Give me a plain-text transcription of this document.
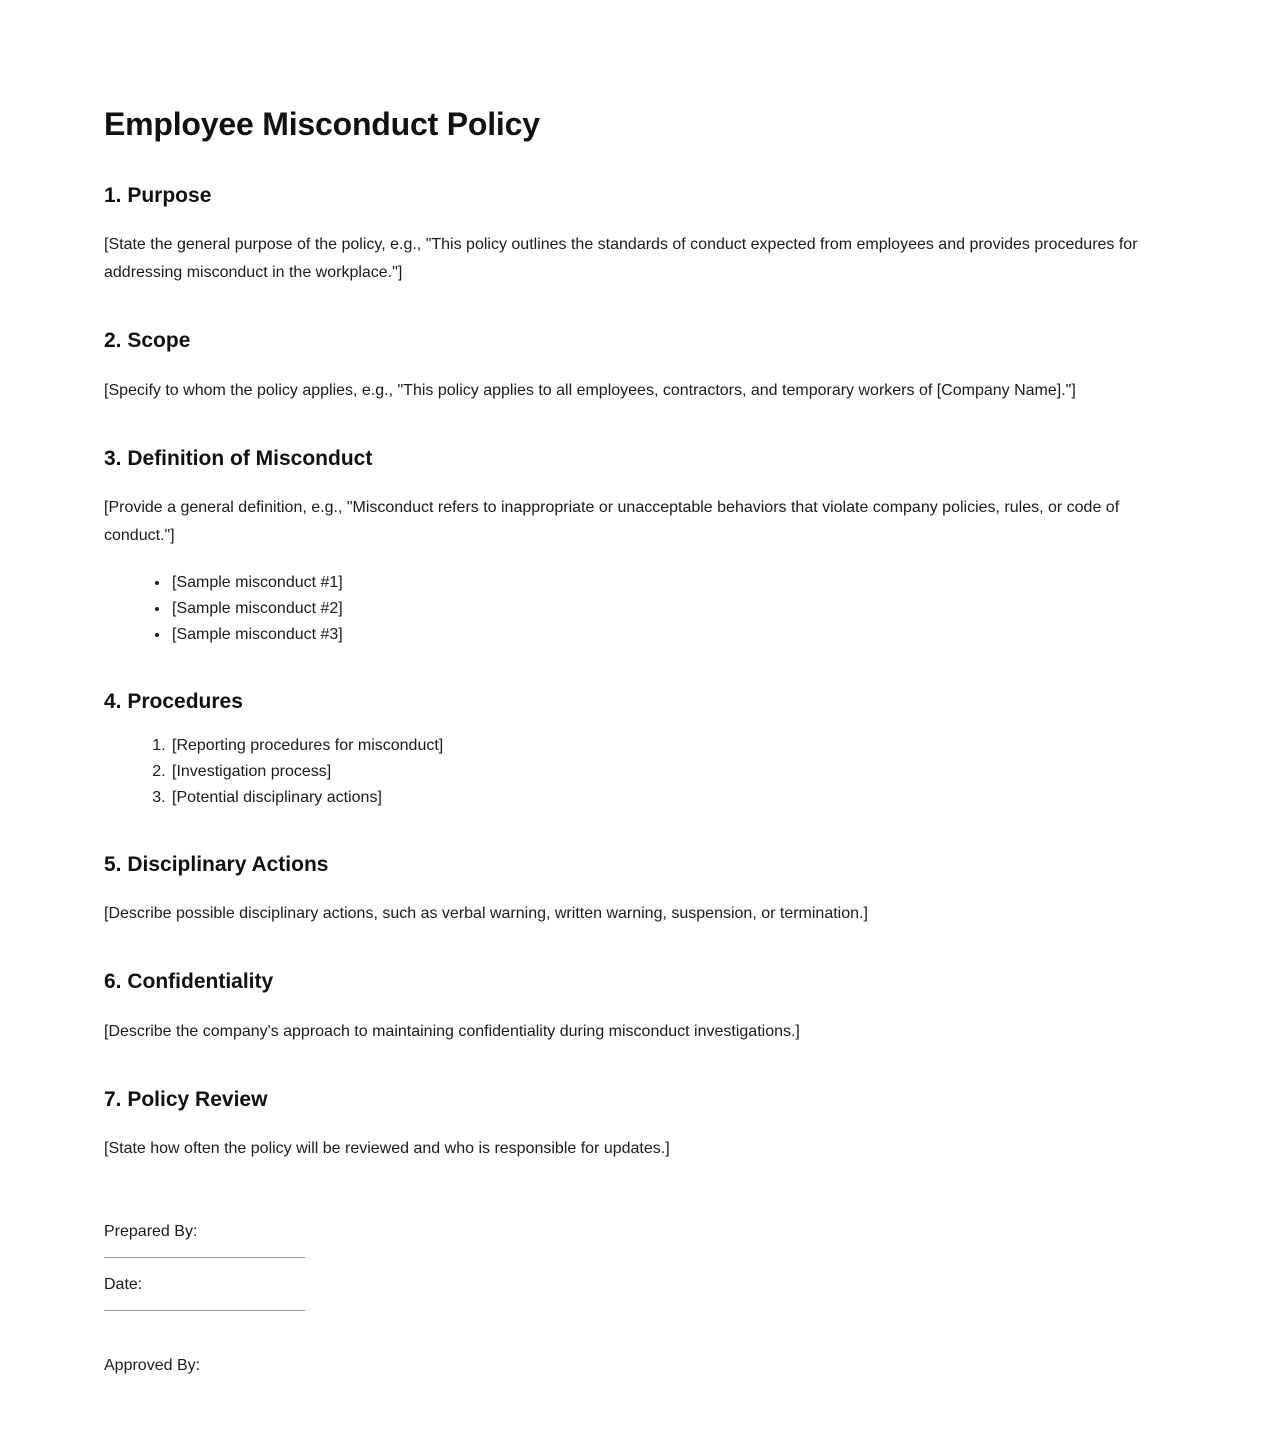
Employee Misconduct Policy
1. Purpose

[State the general purpose of the policy, e.g., "This policy outlines the standards of conduct expected from employees and provides procedures for addressing misconduct in the workplace."]

2. Scope

[Specify to whom the policy applies, e.g., "This policy applies to all employees, contractors, and temporary workers of [Company Name]."]

3. Definition of Misconduct

[Provide a general definition, e.g., "Misconduct refers to inappropriate or unacceptable behaviors that violate company policies, rules, or code of conduct."]

• [Sample misconduct #1]
• [Sample misconduct #2]
• [Sample misconduct #3]
4. Procedures
1. [Reporting procedures for misconduct]
2. [Investigation process]
3. [Potential disciplinary actions]
5. Disciplinary Actions

[Describe possible disciplinary actions, such as verbal warning, written warning, suspension, or termination.]

6. Confidentiality

[Describe the company's approach to maintaining confidentiality during misconduct investigations.]

7. Policy Review

[State how often the policy will be reviewed and who is responsible for updates.]

Prepared By:

Date:

Approved By:
